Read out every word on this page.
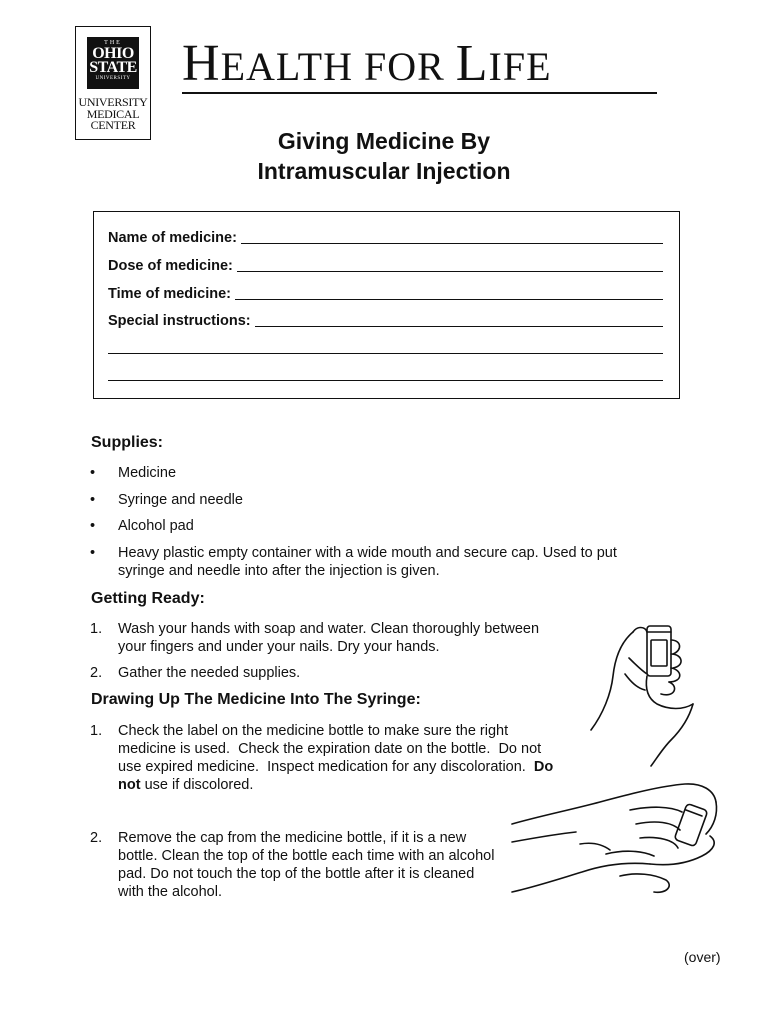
THE
OHIO
STATE
UNIVERSITY
UNIVERSITY
MEDICAL
CENTER
HEALTH FOR LIFE
Giving Medicine By
Intramuscular Injection
Name of medicine:
Dose of medicine:
Time of medicine:
Special instructions:
Supplies:
• Medicine
• Syringe and needle
• Alcohol pad
• Heavy plastic empty container with a wide mouth and secure cap. Used to put syringe and needle into after the injection is given.
Getting Ready:
1. Wash your hands with soap and water. Clean thoroughly between your fingers and under your nails. Dry your hands.
2. Gather the needed supplies.
Drawing Up The Medicine Into The Syringe:
1. Check the label on the medicine bottle to make sure the right medicine is used.  Check the expiration date on the bottle.  Do not use expired medicine.  Inspect medication for any discoloration.  Do not use if discolored.
2. Remove the cap from the medicine bottle, if it is a new bottle. Clean the top of the bottle each time with an alcohol pad. Do not touch the top of the bottle after it is cleaned with the alcohol.
(over)
